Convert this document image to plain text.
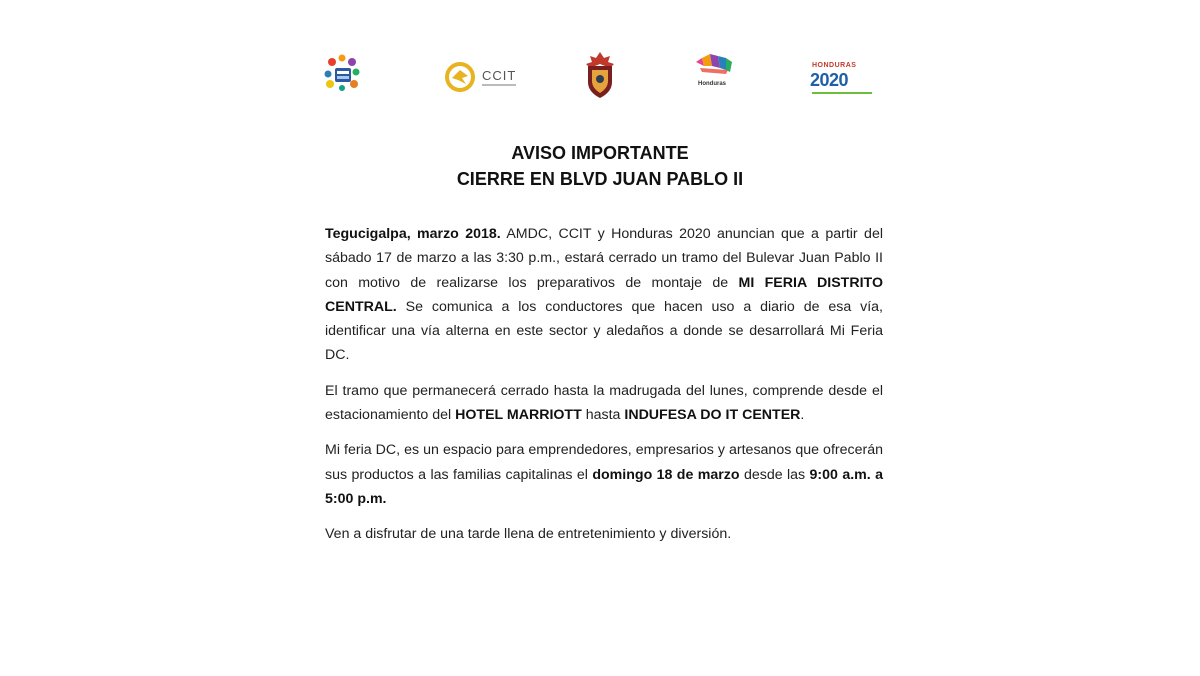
CCIT
Honduras
HONDURAS
2020
AVISO IMPORTANTE
CIERRE EN BLVD JUAN PABLO II

Tegucigalpa, marzo 2018. AMDC, CCIT y Honduras 2020 anuncian que a partir del sábado 17 de marzo a las 3:30 p.m., estará cerrado un tramo del Bulevar Juan Pablo II con motivo de realizarse los preparativos de montaje de MI FERIA DISTRITO CENTRAL. Se comunica a los conductores que hacen uso a diario de esa vía, identificar una vía alterna en este sector y aledaños a donde se desarrollará Mi Feria DC.

El tramo que permanecerá cerrado hasta la madrugada del lunes, comprende desde el estacionamiento del HOTEL MARRIOTT hasta INDUFESA DO IT CENTER.

Mi feria DC, es un espacio para emprendedores, empresarios y artesanos que ofrecerán sus productos a las familias capitalinas el domingo 18 de marzo desde las 9:00 a.m. a 5:00 p.m.

Ven a disfrutar de una tarde llena de entretenimiento y diversión.
